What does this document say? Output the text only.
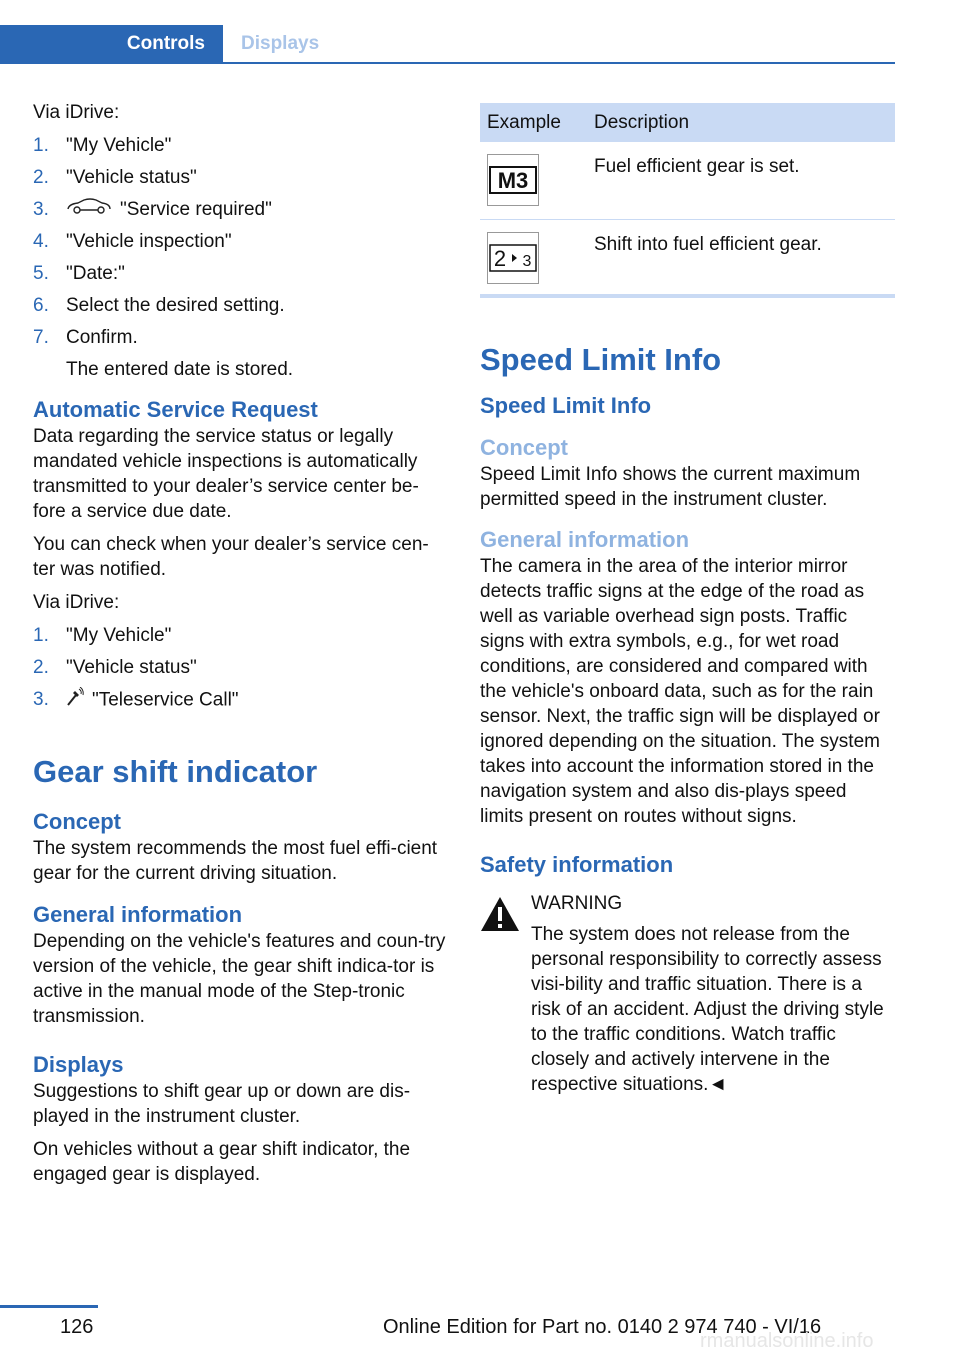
Controls Displays

Via iDrive:

1. "My Vehicle"
2. "Vehicle status"
3.	"Service required"
4. "Vehicle inspection"
5. "Date:"
6. Select the desired setting.
7. Confirm.

The entered date is stored.

Automatic Service Request

Data regarding the service status or legally mandated vehicle inspections is automatically transmitted to your dealer’s service center be-fore a service due date.

You can check when your dealer’s service cen-ter was notified.

Via iDrive:

1. "My Vehicle"
2. "Vehicle status"
3. "Teleservice Call"
Gear shift indicator
Concept

The system recommends the most fuel effi-cient gear for the current driving situation.

General information

Depending on the vehicle's features and coun-try version of the vehicle, the gear shift indica-tor is active in the manual mode of the Step-tronic transmission.

Displays

Suggestions to shift gear up or down are dis-played in the instrument cluster.

On vehicles without a gear shift indicator, the engaged gear is displayed.

Example	Description

M3	Fuel efficient gear is set.

2 3	Shift into fuel efficient gear.
Speed Limit Info
Speed Limit Info
Concept

Speed Limit Info shows the current maximum permitted speed in the instrument cluster.

General information

The camera in the area of the interior mirror detects traffic signs at the edge of the road as well as variable overhead sign posts. Traffic signs with extra symbols, e.g., for wet road conditions, are considered and compared with the vehicle's onboard data, such as for the rain sensor. Next, the traffic sign will be displayed or ignored depending on the situation. The system takes into account the information stored in the navigation system and also dis-plays speed limits present on routes without signs.

Safety information
WARNING
The system does not release from the personal responsibility to correctly assess visi-bility and traffic situation. There is a risk of an accident. Adjust the driving style to the traffic conditions. Watch traffic closely and actively intervene in the respective situations.◄
126	Online Edition for Part no. 0140 2 974 740 - VI/16
rmanualsonline.info
